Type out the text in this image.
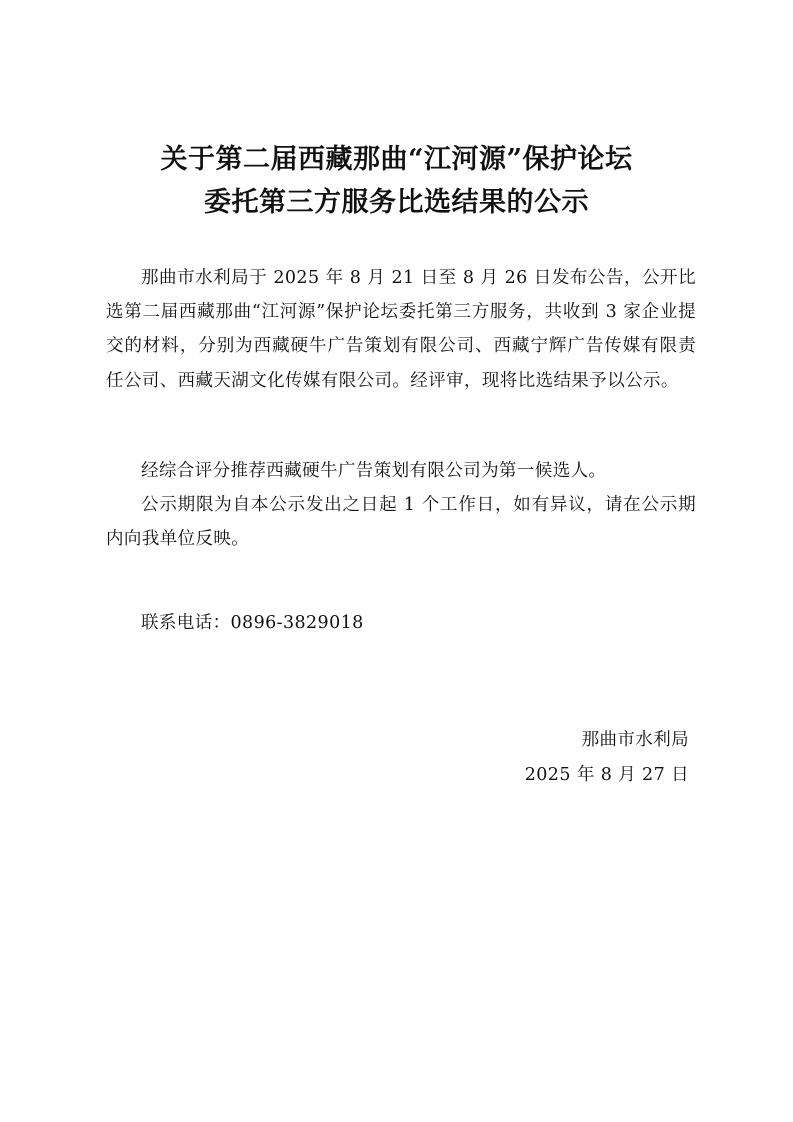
关于第二届西藏那曲“江河源”保护论坛
委托第三方服务比选结果的公示

那曲市水利局于 2025 年 8 月 21 日至 8 月 26 日发布公告，公开比选第二届西藏那曲“江河源”保护论坛委托第三方服务，共收到 3 家企业提交的材料，分别为西藏硬牛广告策划有限公司、西藏宁辉广告传媒有限责任公司、西藏天湖文化传媒有限公司。经评审，现将比选结果予以公示。

经综合评分推荐西藏硬牛广告策划有限公司为第一候选人。

公示期限为自本公示发出之日起 1 个工作日，如有异议，请在公示期内向我单位反映。

联系电话：0896-3829018

那曲市水利局

2025 年 8 月 27 日
